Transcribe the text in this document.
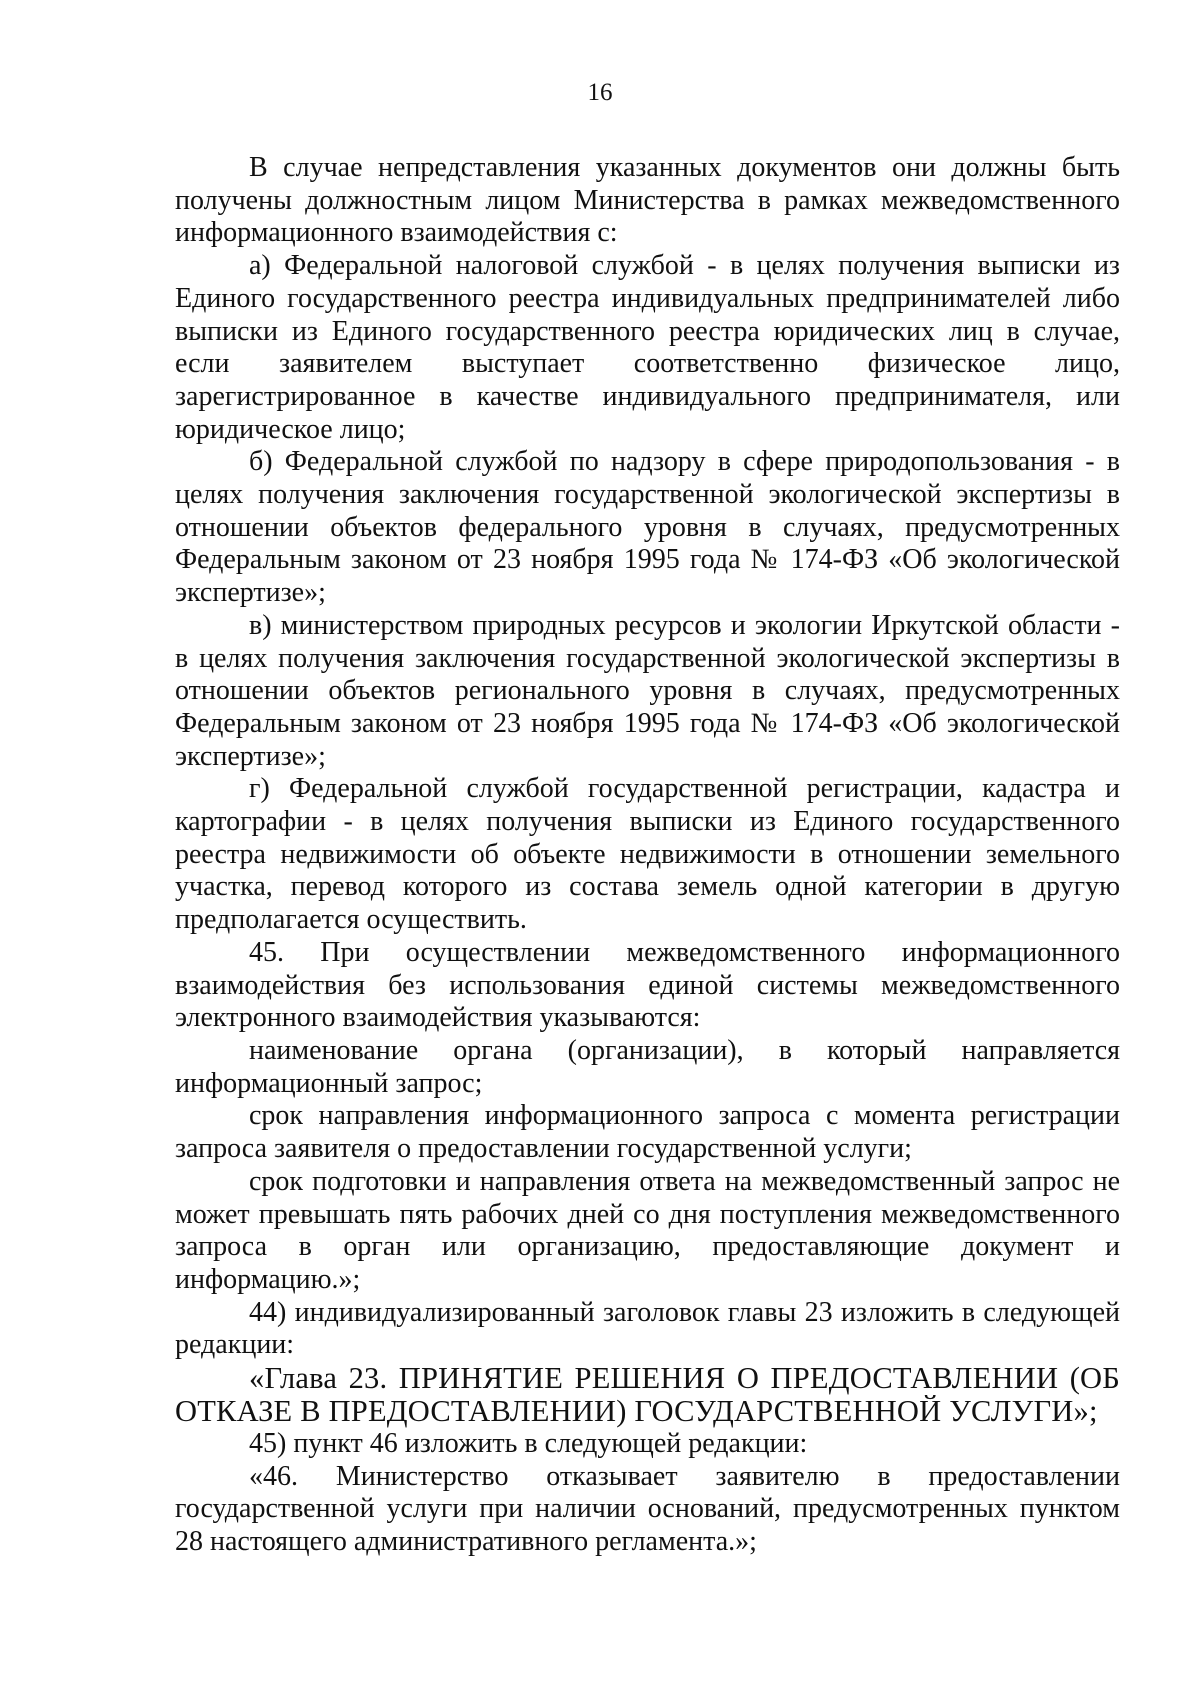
16

В случае непредставления указанных документов они должны быть получены должностным лицом Министерства в рамках межведомственного информационного взаимодействия с:

а) Федеральной налоговой службой - в целях получения выписки из Единого государственного реестра индивидуальных предпринимателей либо выписки из Единого государственного реестра юридических лиц в случае, если заявителем выступает соответственно физическое лицо, зарегистрированное в качестве индивидуального предпринимателя, или юридическое лицо;

б) Федеральной службой по надзору в сфере природопользования - в целях получения заключения государственной экологической экспертизы в отношении объектов федерального уровня в случаях, предусмотренных Федеральным законом от 23 ноября 1995 года № 174-ФЗ «Об экологической экспертизе»;

в) министерством природных ресурсов и экологии Иркутской области - в целях получения заключения государственной экологической экспертизы в отношении объектов регионального уровня в случаях, предусмотренных Федеральным законом от 23 ноября 1995 года № 174-ФЗ «Об экологической экспертизе»;

г) Федеральной службой государственной регистрации, кадастра и картографии - в целях получения выписки из Единого государственного реестра недвижимости об объекте недвижимости в отношении земельного участка, перевод которого из состава земель одной категории в другую предполагается осуществить.

45. При осуществлении межведомственного информационного взаимодействия без использования единой системы межведомственного электронного взаимодействия указываются:

наименование органа (организации), в который направляется информационный запрос;

срок направления информационного запроса с момента регистрации запроса заявителя о предоставлении государственной услуги;

срок подготовки и направления ответа на межведомственный запрос не может превышать пять рабочих дней со дня поступления межведомственного запроса в орган или организацию, предоставляющие документ и информацию.»;

44) индивидуализированный заголовок главы 23 изложить в следующей редакции:

«Глава 23. ПРИНЯТИЕ РЕШЕНИЯ О ПРЕДОСТАВЛЕНИИ (ОБ ОТКАЗЕ В ПРЕДОСТАВЛЕНИИ) ГОСУДАРСТВЕННОЙ УСЛУГИ»;

45) пункт 46 изложить в следующей редакции:

«46. Министерство отказывает заявителю в предоставлении государственной услуги при наличии оснований, предусмотренных пунктом 28 настоящего административного регламента.»;
